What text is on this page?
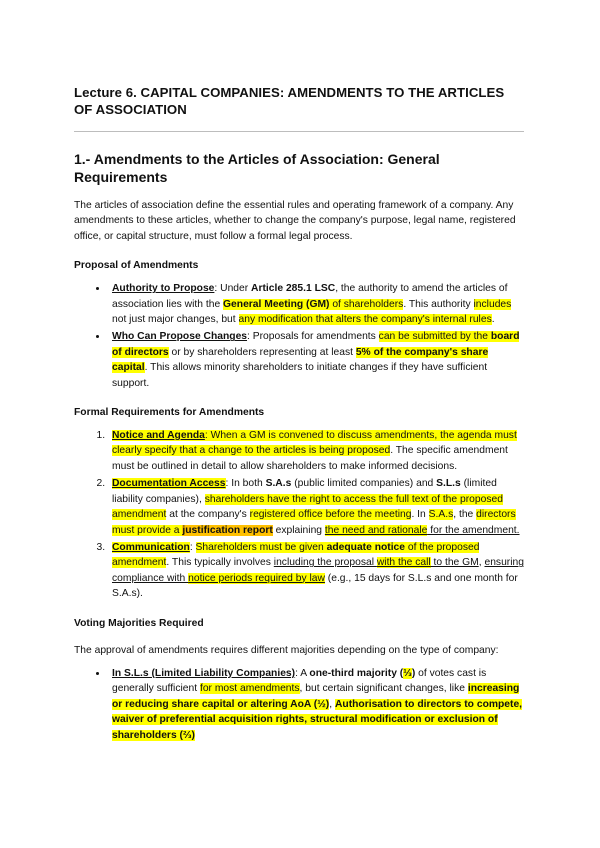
Lecture 6. CAPITAL COMPANIES: AMENDMENTS TO THE ARTICLES OF ASSOCIATION
1.- Amendments to the Articles of Association: General Requirements

The articles of association define the essential rules and operating framework of a company. Any amendments to these articles, whether to change the company's purpose, legal name, registered office, or capital structure, must follow a formal legal process.

Proposal of Amendments
• Authority to Propose: Under Article 285.1 LSC, the authority to amend the articles of association lies with the General Meeting (GM) of shareholders. This authority includes not just major changes, but any modification that alters the company's internal rules.
• Who Can Propose Changes: Proposals for amendments can be submitted by the board of directors or by shareholders representing at least 5% of the company's share capital. This allows minority shareholders to initiate changes if they have sufficient support.
Formal Requirements for Amendments
1. Notice and Agenda: When a GM is convened to discuss amendments, the agenda must clearly specify that a change to the articles is being proposed. The specific amendment must be outlined in detail to allow shareholders to make informed decisions.
2. Documentation Access: In both S.A.s (public limited companies) and S.L.s (limited liability companies), shareholders have the right to access the full text of the proposed amendment at the company's registered office before the meeting. In S.A.s, the directors must provide a justification report explaining the need and rationale for the amendment.
3. Communication: Shareholders must be given adequate notice of the proposed amendment. This typically involves including the proposal with the call to the GM, ensuring compliance with notice periods required by law (e.g., 15 days for S.L.s and one month for S.A.s).
Voting Majorities Required

The approval of amendments requires different majorities depending on the type of company:

• In S.L.s (Limited Liability Companies): A one-third majority (⅓) of votes cast is generally sufficient for most amendments, but certain significant changes, like increasing or reducing share capital or altering AoA (½), Authorisation to directors to compete, waiver of preferential acquisition rights, structural modification or exclusion of shareholders (⅔)
